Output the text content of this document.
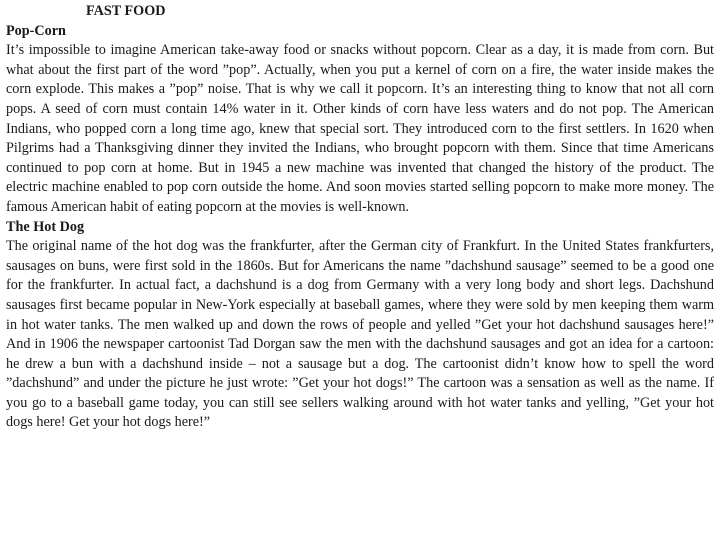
FAST FOOD
Pop-Corn

It’s impossible to imagine American take-away food or snacks without popcorn. Clear as a day, it is made from corn. But what about the first part of the word ”pop”. Actually, when you put a kernel of corn on a fire, the water inside makes the corn explode. This makes a ”pop” noise. That is why we call it popcorn. It’s an interesting thing to know that not all corn pops. A seed of corn must contain 14% water in it. Other kinds of corn have less waters and do not pop. The American Indians, who popped corn a long time ago, knew that special sort. They introduced corn to the first settlers. In 1620 when Pilgrims had a Thanksgiving dinner they invited the Indians, who brought popcorn with them. Since that time Americans continued to pop corn at home. But in 1945 a new machine was invented that changed the history of the product. The electric machine enabled to pop corn outside the home. And soon movies started selling popcorn to make more money. The famous American habit of eating popcorn at the movies is well-known.

The Hot Dog

The original name of the hot dog was the frankfurter, after the German city of Frankfurt. In the United States frankfurters, sausages on buns, were first sold in the 1860s. But for Americans the name ”dachshund sausage” seemed to be a good one for the frankfurter. In actual fact, a dachshund is a dog from Germany with a very long body and short legs. Dachshund sausages first became popular in New-York especially at baseball games, where they were sold by men keeping them warm in hot water tanks. The men walked up and down the rows of people and yelled ”Get your hot dachshund sausages here!” And in 1906 the newspaper cartoonist Tad Dorgan saw the men with the dachshund sausages and got an idea for a cartoon: he drew a bun with a dachshund inside – not a sausage but a dog. The cartoonist didn’t know how to spell the word ”dachshund” and under the picture he just wrote: ”Get your hot dogs!” The cartoon was a sensation as well as the name. If you go to a baseball game today, you can still see sellers walking around with hot water tanks and yelling, ”Get your hot dogs here! Get your hot dogs here!”
